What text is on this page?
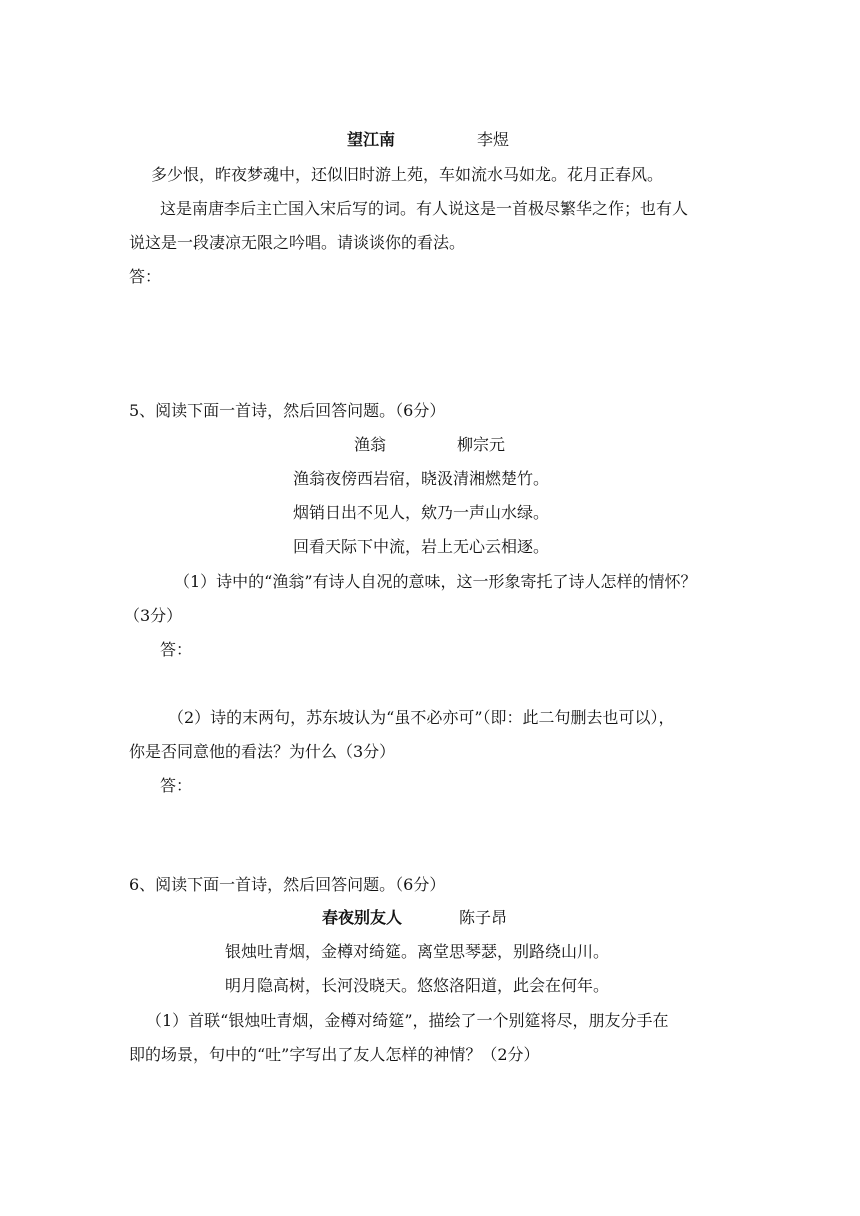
望江南	李煜
多少恨，昨夜梦魂中，还似旧时游上苑，车如流水马如龙。花月正春风。
这是南唐李后主亡国入宋后写的词。有人说这是一首极尽繁华之作；也有人
说这是一段凄凉无限之吟唱。请谈谈你的看法。
答：
5、阅读下面一首诗，然后回答问题。（6分）
渔翁	柳宗元
渔翁夜傍西岩宿，晓汲清湘燃楚竹。
烟销日出不见人，欸乃一声山水绿。
回看天际下中流，岩上无心云相逐。
（1）诗中的“渔翁”有诗人自况的意味，这一形象寄托了诗人怎样的情怀？
（3分）
答：
（2）诗的末两句，苏东坡认为“虽不必亦可”（即：此二句删去也可以），
你是否同意他的看法？为什么（3分）
答：
6、阅读下面一首诗，然后回答问题。（6分）
春夜别友人	陈子昂
银烛吐青烟，金樽对绮筵。离堂思琴瑟，别路绕山川。
明月隐高树，长河没晓天。悠悠洛阳道，此会在何年。
（1）首联“银烛吐青烟，金樽对绮筵”，描绘了一个别筵将尽，朋友分手在
即的场景，句中的“吐”字写出了友人怎样的神情？（2分）
